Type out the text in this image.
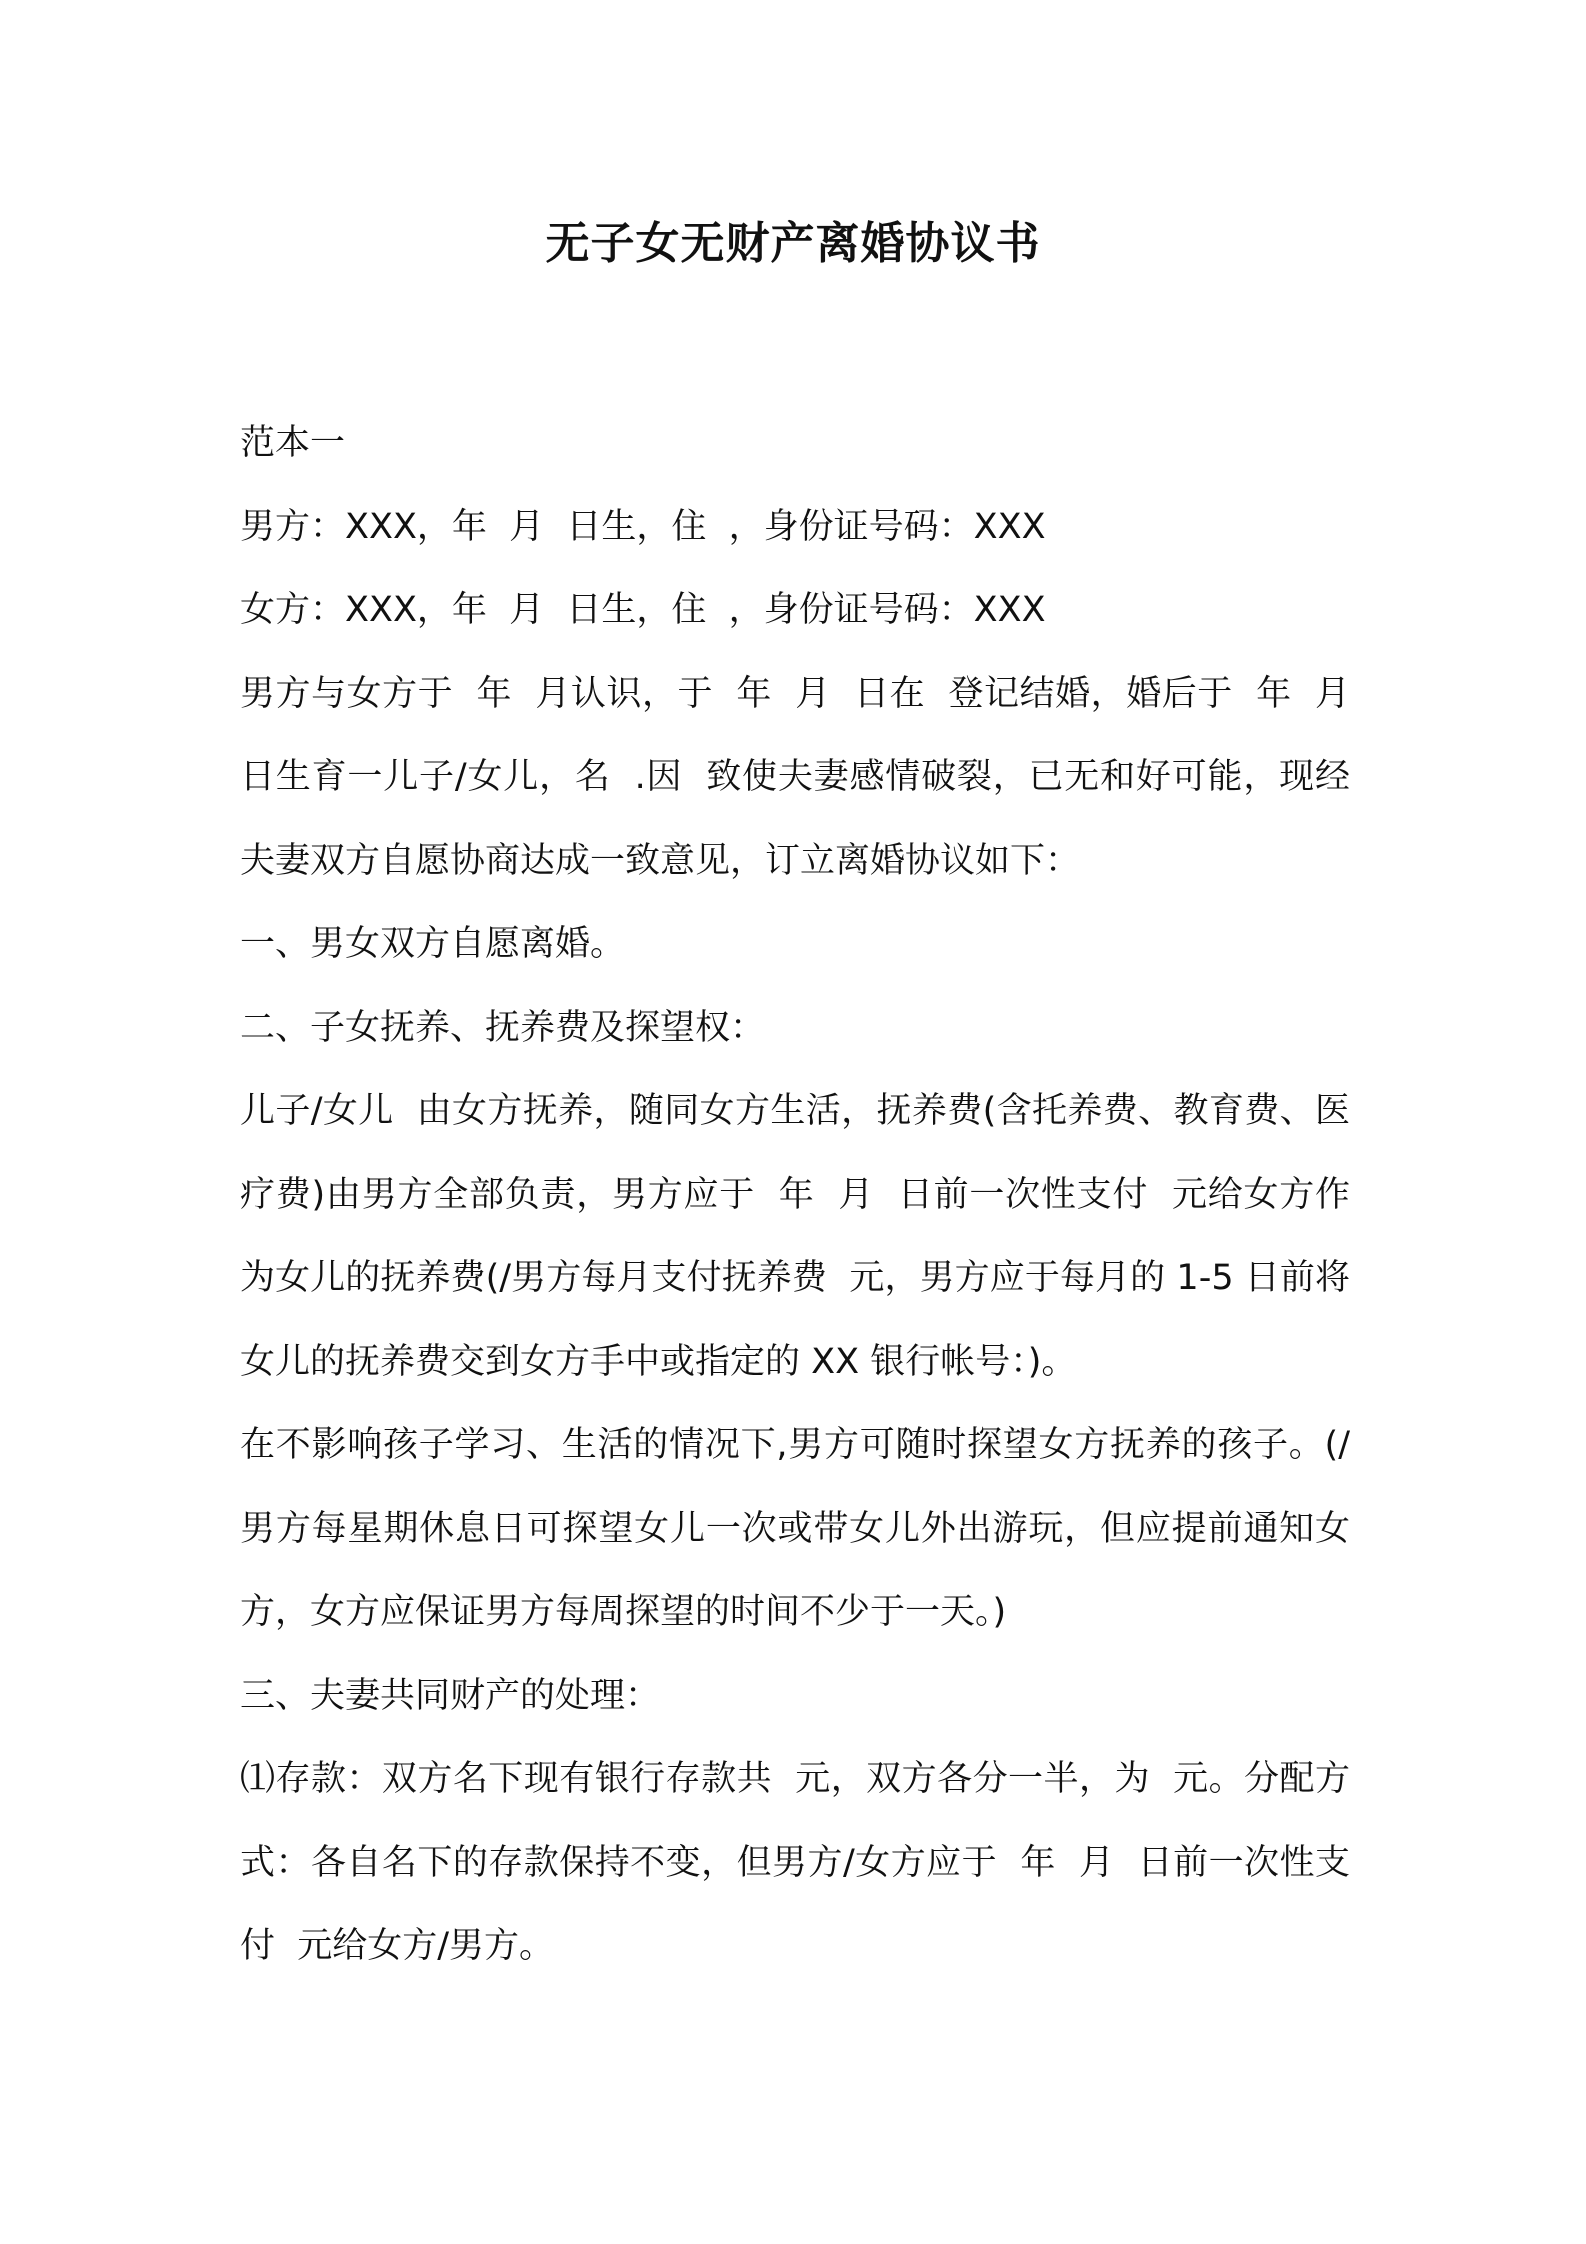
无子女无财产离婚协议书

范本一

男方：XXX，年  月  日生，住  ，身份证号码：XXX

女方：XXX，年  月  日生，住  ，身份证号码：XXX

男方与女方于  年  月认识，于  年  月  日在  登记结婚，婚后于  年  月  日生育一儿子/女儿，名  .因  致使夫妻感情破裂，已无和好可能，现经夫妻双方自愿协商达成一致意见，订立离婚协议如下：

一、男女双方自愿离婚。

二、子女抚养、抚养费及探望权：

儿子/女儿  由女方抚养，随同女方生活，抚养费(含托养费、教育费、医疗费)由男方全部负责，男方应于  年  月  日前一次性支付  元给女方作为女儿的抚养费(/男方每月支付抚养费  元，男方应于每月的 1-5 日前将女儿的抚养费交到女方手中或指定的 XX 银行帐号：)。

在不影响孩子学习、生活的情况下,男方可随时探望女方抚养的孩子。(/男方每星期休息日可探望女儿一次或带女儿外出游玩，但应提前通知女方，女方应保证男方每周探望的时间不少于一天。)

三、夫妻共同财产的处理：

⑴存款：双方名下现有银行存款共  元，双方各分一半，为  元。分配方式：各自名下的存款保持不变，但男方/女方应于  年  月  日前一次性支付  元给女方/男方。
